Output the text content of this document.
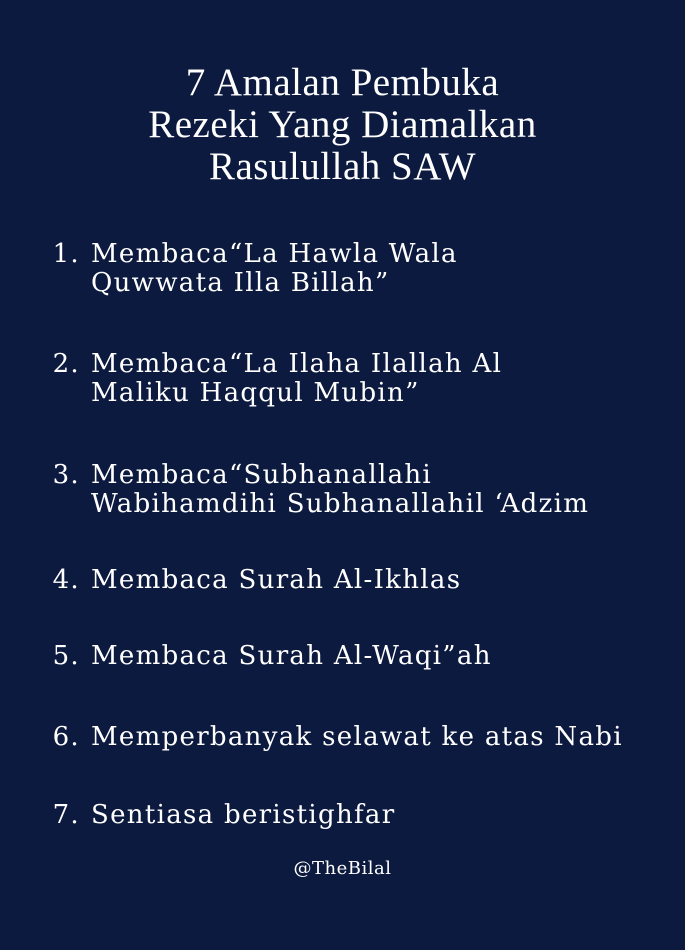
7 Amalan Pembuka
Rezeki Yang Diamalkan
Rasulullah SAW
1. Membaca“La Hawla Wala
Quwwata Illa Billah”
2. Membaca“La Ilaha Ilallah Al
Maliku Haqqul Mubin”
3. Membaca“Subhanallahi
Wabihamdihi Subhanallahil ‘Adzim
4. Membaca Surah Al-Ikhlas
5. Membaca Surah Al-Waqi”ah
6. Memperbanyak selawat ke atas Nabi
7. Sentiasa beristighfar
@TheBilal
